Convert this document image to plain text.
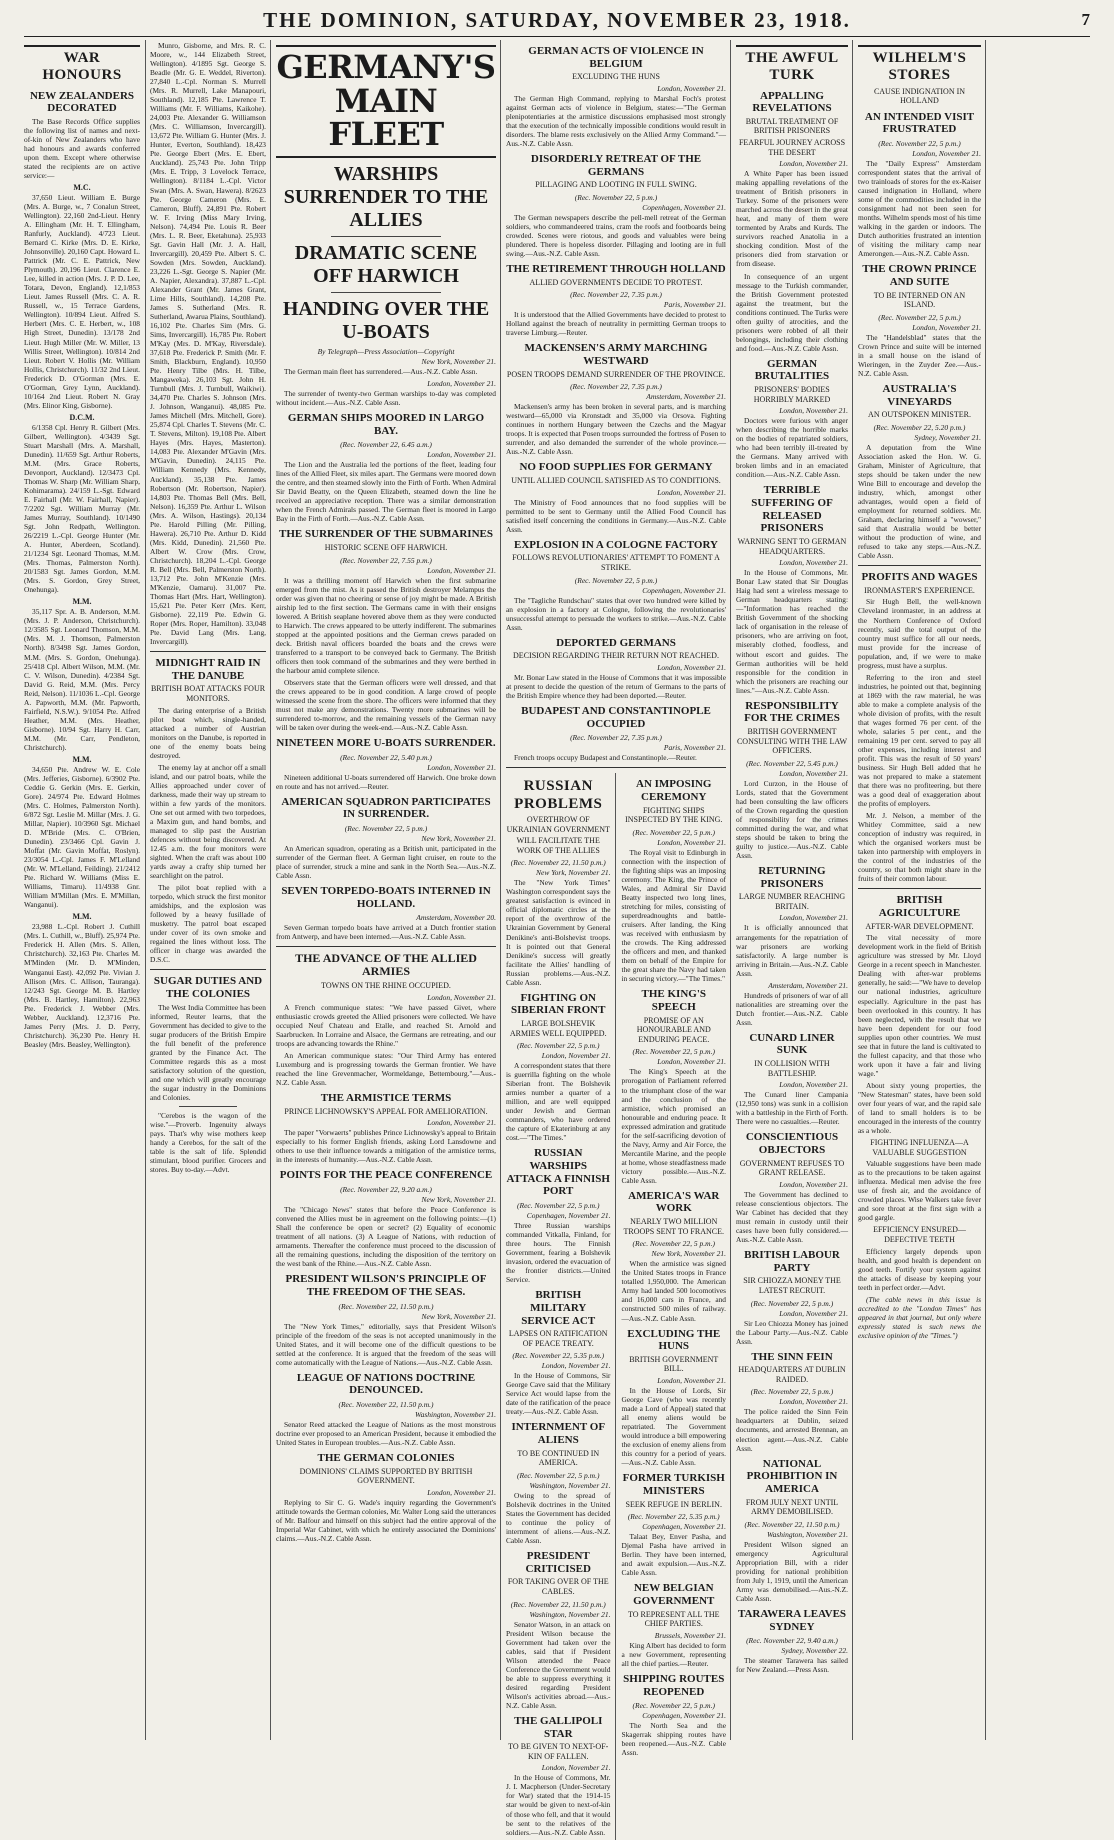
THE DOMINION, SATURDAY, NOVEMBER 23, 1918.	7
WAR HONOURS
NEW ZEALANDERS DECORATED
The Base Records Office supplies the following list of names and next-of-kin of New Zealanders who have had honours and awards conferred upon them. Except where otherwise stated the recipients are on active service:—
M.C.
37,650 Lieut. William E. Burge (Mrs. A. Burge, w., 7 Conalun Street, Wellington). 22,160 2nd-Lieut. Henry A. Ellingham (Mr. H. T. Ellingham, Ranfurly, Auckland). 4/723 Lieut. Bernard C. Kirke (Mrs. D. E. Kirke, Johnsonville). 20,160 Capt. Howard L. Pattrick (Mr. C. E. Pattrick, New Plymouth). 20,196 Lieut. Clarence E. Lee, killed in action (Mrs. J. P. D. Lee, Totara, Devon, England). 12,1/853 Lieut. James Russell (Mrs. C. A. R. Russell, w., 15 Terrace Gardens, Wellington). 10/894 Lieut. Alfred S. Herbert (Mrs. C. E. Herbert, w., 108 High Street, Dunedin). 13/178 2nd Lieut. Hugh Miller (Mr. W. Miller, 13 Willis Street, Wellington). 10/814 2nd Lieut. Robert V. Hollis (Mr. William Hollis, Christchurch). 11/32 2nd Lieut. Frederick D. O'Gorman (Mrs. E. O'Gorman, Grey Lynn, Auckland). 10/164 2nd Lieut. Robert N. Gray (Mrs. Elinor King, Gisborne).
D.C.M.
6/1358 Cpl. Henry R. Gilbert (Mrs. Gilbert, Wellington). 4/3439 Sgt. Stuart Marshall (Mrs. A. Marshall, Dunedin). 11/659 Sgt. Arthur Roberts, M.M. (Mrs. Grace Roberts, Devonport, Auckland). 12/3473 Cpl. Thomas W. Sharp (Mr. William Sharp, Kohimarama). 24/159 L.-Sgt. Edward E. Fairhall (Mr. W. Fairhall, Napier). 7/2202 Sgt. William Murray (Mr. James Murray, Southland). 10/1490 Sgt. John Redpath, Wellington. 26/2219 L.-Cpl. George Hunter (Mr. A. Hunter, Aberdeen, Scotland). 21/1234 Sgt. Leonard Thomas, M.M. (Mrs. Thomas, Palmerston North). 20/1583 Sgt. James Gordon, M.M. (Mrs. S. Gordon, Grey Street, Onehunga).
M.M.
35,117 Spr. A. B. Anderson, M.M. (Mrs. J. P. Anderson, Christchurch). 12/3585 Sgt. Leonard Thomson, M.M. (Mrs. M. J. Thomson, Palmerston North). 8/3498 Sgt. James Gordon, M.M. (Mrs. S. Gordon, Onehunga). 25/418 Cpl. Albert Wilson, M.M. (Mr. C. V. Wilson, Dunedin). 4/2384 Sgt. David G. Reid, M.M. (Mrs. Percy Reid, Nelson). 11/1036 L.-Cpl. George A. Papworth, M.M. (Mr. Papworth, Fairfield, N.S.W.). 9/1054 Pte. Alfred Heather, M.M. (Mrs. Heather, Gisborne). 10/94 Sgt. Harry H. Carr, M.M. (Mr. Carr, Pendleton, Christchurch).
M.M.
34,650 Pte. Andrew W. E. Cole (Mrs. Jefferies, Gisborne). 6/3902 Pte. Ceddie G. Gerkin (Mrs. E. Gerkin, Gore). 24/974 Pte. Edward Holmes (Mrs. C. Holmes, Palmerston North). 6/872 Sgt. Leslie M. Millar (Mrs. J. G. Millar, Napier). 10/3960 Sgt. Michael D. M'Bride (Mrs. C. O'Brien, Dunedin). 23/3466 Cpl. Gavin J. Moffat (Mr. Gavin Moffat, Roslyn). 23/3054 L.-Cpl. James F. M'Lelland (Mr. W. M'Lelland, Feilding). 21/2412 Pte. Richard W. Williams (Miss E. Williams, Timaru). 11/4938 Gnr. William M'Millan (Mrs. E. M'Millan, Wanganui).
M.M.
23,988 L.-Cpl. Robert J. Cuthill (Mrs. L. Cuthill, w., Bluff). 25,974 Pte. Frederick H. Allen (Mrs. S. Allen, Christchurch). 32,163 Pte. Charles M. M'Minden (Mr. D. M'Minden, Wanganui East). 42,092 Pte. Vivian J. Allison (Mrs. C. Allison, Tauranga). 12/243 Sgt. George M. B. Hartley (Mrs. B. Hartley, Hamilton). 22,963 Pte. Frederick J. Webber (Mrs. Webber, Auckland). 12,3716 Pte. James Perry (Mrs. J. D. Perry, Christchurch). 36,230 Pte. Henry H. Beasley (Mrs. Beasley, Wellington).
Munro, Gisborne, and Mrs. R. C. Moore, w., 144 Elizabeth Street, Wellington). 4/1895 Sgt. George S. Beadle (Mr. G. E. Weddel, Riverton). 27,840 L.-Cpl. Norman S. Murrell (Mrs. R. Murrell, Lake Manapouri, Southland). 12,185 Pte. Lawrence T. Williams (Mr. F. Williams, Kaikohe). 24,003 Pte. Alexander G. Williamson (Mrs. C. Williamson, Invercargill). 13,672 Pte. William G. Hunter (Mrs. J. Hunter, Everton, Southland). 18,423 Pte. George Ebert (Mrs. E. Ebert, Auckland). 25,743 Pte. John Tripp (Mrs. E. Tripp, 3 Lovelock Terrace, Wellington). 8/1184 L.-Cpl. Victor Swan (Mrs. A. Swan, Hawera). 8/2623 Pte. George Cameron (Mrs. E. Cameron, Bluff). 24,891 Pte. Robert W. F. Irving (Miss Mary Irving, Nelson). 74,494 Pte. Louis R. Beer (Mrs. L. R. Beer, Eketahuna). 25,933 Sgt. Gavin Hall (Mr. J. A. Hall, Invercargill). 20,459 Pte. Albert S. C. Sowden (Mrs. Sowden, Auckland). 23,226 L.-Sgt. George S. Napier (Mr. A. Napier, Alexandra). 37,887 L.-Cpl. Alexander Grant (Mr. James Grant, Lime Hills, Southland). 14,208 Pte. James S. Sutherland (Mrs. R. Sutherland, Awarua Plains, Southland). 16,102 Pte. Charles Sim (Mrs. G. Sims, Invercargill). 16,785 Pte. Robert M'Kay (Mrs. D. M'Kay, Riversdale). 37,618 Pte. Frederick P. Smith (Mr. F. Smith, Blackburn, England). 10,950 Pte. Henry Tilbe (Mrs. H. Tilbe, Mangaweka). 26,103 Sgt. John H. Turnbull (Mrs. J. Turnbull, Waikiwi). 34,470 Pte. Charles S. Johnson (Mrs. J. Johnson, Wanganui). 48,085 Pte. James Mitchell (Mrs. Mitchell, Gore). 25,874 Cpl. Charles T. Stevens (Mr. C. T. Stevens, Milton). 19,108 Pte. Albert Hayes (Mrs. Hayes, Masterton). 14,083 Pte. Alexander M'Gavin (Mrs. M'Gavin, Dunedin). 24,115 Pte. William Kennedy (Mrs. Kennedy, Auckland). 35,138 Pte. James Robertson (Mr. Robertson, Napier). 14,803 Pte. Thomas Bell (Mrs. Bell, Nelson). 16,359 Pte. Arthur L. Wilson (Mrs. A. Wilson, Hastings). 20,134 Pte. Harold Pilling (Mr. Pilling, Hawera). 26,710 Pte. Arthur D. Kidd (Mrs. Kidd, Dunedin). 21,560 Pte. Albert W. Crow (Mrs. Crow, Christchurch). 18,204 L.-Cpl. George R. Bell (Mrs. Bell, Palmerston North). 13,712 Pte. John M'Kenzie (Mrs. M'Kenzie, Oamaru). 31,007 Pte. Thomas Hart (Mrs. Hart, Wellington). 15,621 Pte. Peter Kerr (Mrs. Kerr, Gisborne). 22,119 Pte. Edwin G. Roper (Mrs. Roper, Hamilton). 33,048 Pte. David Lang (Mrs. Lang, Invercargill).
MIDNIGHT RAID IN THE DANUBE
BRITISH BOAT ATTACKS FOUR MONITORS.
The daring enterprise of a British pilot boat which, single-handed, attacked a number of Austrian monitors on the Danube, is reported in one of the enemy boats being destroyed.
The enemy lay at anchor off a small island, and our patrol boats, while the Allies approached under cover of darkness, made their way up stream to within a few yards of the monitors. One set out armed with two torpedoes, a Maxim gun, and hand bombs, and managed to slip past the Austrian defences without being discovered. At 12.45 a.m. the four monitors were sighted. When the craft was about 100 yards away a crafty ship turned her searchlight on the patrol.
The pilot boat replied with a torpedo, which struck the first monitor amidships, and the explosion was followed by a heavy fusillade of musketry. The patrol boat escaped under cover of its own smoke and regained the lines without loss. The officer in charge was awarded the D.S.C.
SUGAR DUTIES AND THE COLONIES
The West India Committee has been informed, Reuter learns, that the Government has decided to give to the sugar producers of the British Empire the full benefit of the preference granted by the Finance Act. The Committee regards this as a most satisfactory solution of the question, and one which will greatly encourage the sugar industry in the Dominions and Colonies.
"Cerebos is the wagon of the wise."—Proverb. Ingenuity always pays. That's why wise mothers keep handy a Cerebos, for the salt of the table is the salt of life. Splendid stimulant, blood purifier. Grocers and stores. Buy to-day.—Advt.
GERMANY'S MAIN FLEET
WARSHIPS SURRENDER TO THE ALLIES
DRAMATIC SCENE OFF HARWICH
HANDING OVER THE U-BOATS
By Telegraph—Press Association—Copyright
New York, November 21.
The German main fleet has surrendered.—Aus.-N.Z. Cable Assn.
London, November 21.
The surrender of twenty-two German warships to-day was completed without incident.—Aus.-N.Z. Cable Assn.
GERMAN SHIPS MOORED IN LARGO BAY.
(Rec. November 22, 6.45 a.m.)
London, November 21.
The Lion and the Australia led the portions of the fleet, leading four lines of the Allied Fleet, six miles apart. The Germans were moored down the centre, and then steamed slowly into the Firth of Forth. When Admiral Sir David Beatty, on the Queen Elizabeth, steamed down the line he received an appreciative reception. There was a similar demonstration when the French Admirals passed. The German fleet is moored in Largo Bay in the Firth of Forth.—Aus.-N.Z. Cable Assn.
THE SURRENDER OF THE SUBMARINES
HISTORIC SCENE OFF HARWICH.
(Rec. November 22, 7.55 p.m.)
London, November 21.
It was a thrilling moment off Harwich when the first submarine emerged from the mist. As it passed the British destroyer Melampus the order was given that no cheering or sense of joy might be made. A British airship led to the first section. The Germans came in with their ensigns lowered. A British seaplane hovered above them as they were conducted to Harwich. The crews appeared to be utterly indifferent. The submarines stopped at the appointed positions and the German crews paraded on deck. British naval officers boarded the boats and the crews were transferred to a transport to be conveyed back to Germany. The British officers then took command of the submarines and they were berthed in the harbour amid complete silence.
Observers state that the German officers were well dressed, and that the crews appeared to be in good condition. A large crowd of people witnessed the scene from the shore. The officers were informed that they must not make any demonstrations. Twenty more submarines will be surrendered to-morrow, and the remaining vessels of the German navy will be taken over during the week-end.—Aus.-N.Z. Cable Assn.
NINETEEN MORE U-BOATS SURRENDER.
(Rec. November 22, 5.40 p.m.)
London, November 21.
Nineteen additional U-boats surrendered off Harwich. One broke down en route and has not arrived.—Reuter.
AMERICAN SQUADRON PARTICIPATES IN SURRENDER.
(Rec. November 22, 5 p.m.)
New York, November 21.
An American squadron, operating as a British unit, participated in the surrender of the German fleet. A German light cruiser, en route to the place of surrender, struck a mine and sank in the North Sea.—Aus.-N.Z. Cable Assn.
SEVEN TORPEDO-BOATS INTERNED IN HOLLAND.
Amsterdam, November 20.
Seven German torpedo boats have arrived at a Dutch frontier station from Antwerp, and have been interned.—Aus.-N.Z. Cable Assn.
THE ADVANCE OF THE ALLIED ARMIES
TOWNS ON THE RHINE OCCUPIED.
London, November 21.
A French communique states: "We have passed Givet, where enthusiastic crowds greeted the Allied prisoners were collected. We have occupied Neuf Chateau and Etalle, and reached St. Arnold and Saarbrucken. In Lorraine and Alsace, the Germans are retreating, and our troops are advancing towards the Rhine."
An American communique states: "Our Third Army has entered Luxemburg and is progressing towards the German frontier. We have reached the line Grevenmacher, Wormeldange, Bettembourg."—Aus.-N.Z. Cable Assn.
THE ARMISTICE TERMS
PRINCE LICHNOWSKY'S APPEAL FOR AMELIORATION.
London, November 21.
The paper "Vorwaerts" publishes Prince Lichnowsky's appeal to Britain especially to his former English friends, asking Lord Lansdowne and others to use their influence towards a mitigation of the armistice terms, in the interests of humanity.—Aus.-N.Z. Cable Assn.
POINTS FOR THE PEACE CONFERENCE
(Rec. November 22, 9.20 a.m.)
New York, November 21.
The "Chicago News" states that before the Peace Conference is convened the Allies must be in agreement on the following points:—(1) Shall the conference be open or secret? (2) Equality of economic treatment of all nations. (3) A League of Nations, with reduction of armaments. Thereafter the conference must proceed to the discussion of all the remaining questions, including the disposition of the territory on the west bank of the Rhine.—Aus.-N.Z. Cable Assn.
PRESIDENT WILSON'S PRINCIPLE OF THE FREEDOM OF THE SEAS.
(Rec. November 22, 11.50 p.m.)
New York, November 21.
The "New York Times," editorially, says that President Wilson's principle of the freedom of the seas is not accepted unanimously in the United States, and it will become one of the difficult questions to be settled at the conference. It is argued that the freedom of the seas will come automatically with the League of Nations.—Aus.-N.Z. Cable Assn.
LEAGUE OF NATIONS DOCTRINE DENOUNCED.
(Rec. November 22, 11.50 p.m.)
Washington, November 21.
Senator Reed attacked the League of Nations as the most monstrous doctrine ever proposed to an American President, because it embodied the United States in European troubles.—Aus.-N.Z. Cable Assn.
THE GERMAN COLONIES
DOMINIONS' CLAIMS SUPPORTED BY BRITISH GOVERNMENT.
London, November 21.
Replying to Sir C. G. Wade's inquiry regarding the Government's attitude towards the German colonies, Mr. Walter Long said the utterances of Mr. Balfour and himself on this subject had the entire approval of the Imperial War Cabinet, with which he entirely associated the Dominions' claims.—Aus.-N.Z. Cable Assn.
GERMAN ACTS OF VIOLENCE IN BELGIUM
EXCLUDING THE HUNS
London, November 21.
The German High Command, replying to Marshal Foch's protest against German acts of violence in Belgium, states:—"The German plenipotentiaries at the armistice discussions emphasised most strongly that the execution of the technically impossible conditions would result in disorders. The blame rests exclusively on the Allied Army Command."—Aus.-N.Z. Cable Assn.
DISORDERLY RETREAT OF THE GERMANS
PILLAGING AND LOOTING IN FULL SWING.
(Rec. November 22, 5 p.m.)
Copenhagen, November 21.
The German newspapers describe the pell-mell retreat of the German soldiers, who commandeered trains, cram the roofs and footboards being crowded. Scenes were riotous, and goods and valuables were being plundered. There is hopeless disorder. Pillaging and looting are in full swing.—Aus.-N.Z. Cable Assn.
THE RETIREMENT THROUGH HOLLAND
ALLIED GOVERNMENTS DECIDE TO PROTEST.
(Rec. November 22, 7.35 p.m.)
Paris, November 21.
It is understood that the Allied Governments have decided to protest to Holland against the breach of neutrality in permitting German troops to traverse Limburg.—Reuter.
MACKENSEN'S ARMY MARCHING WESTWARD
POSEN TROOPS DEMAND SURRENDER OF THE PROVINCE.
(Rec. November 22, 7.35 p.m.)
Amsterdam, November 21.
Mackensen's army has been broken in several parts, and is marching westward—65,000 via Kronstadt and 35,000 via Orsova. Fighting continues in northern Hungary between the Czechs and the Magyar troops. It is expected that Posen troops surrounded the fortress of Posen to surrender, and also demanded the surrender of the whole province.—Aus.-N.Z. Cable Assn.
NO FOOD SUPPLIES FOR GERMANY
UNTIL ALLIED COUNCIL SATISFIED AS TO CONDITIONS.
London, November 21.
The Ministry of Food announces that no food supplies will be permitted to be sent to Germany until the Allied Food Council has satisfied itself concerning the conditions in Germany.—Aus.-N.Z. Cable Assn.
EXPLOSION IN A COLOGNE FACTORY
FOLLOWS REVOLUTIONARIES' ATTEMPT TO FOMENT A STRIKE.
(Rec. November 22, 5 p.m.)
Copenhagen, November 21.
The "Tagliche Rundschau" states that over two hundred were killed by an explosion in a factory at Cologne, following the revolutionaries' unsuccessful attempt to persuade the workers to strike.—Aus.-N.Z. Cable Assn.
DEPORTED GERMANS
DECISION REGARDING THEIR RETURN NOT REACHED.
London, November 21.
Mr. Bonar Law stated in the House of Commons that it was impossible at present to decide the question of the return of Germans to the parts of the British Empire whence they had been deported.—Reuter.
BUDAPEST AND CONSTANTINOPLE OCCUPIED
(Rec. November 22, 7.35 p.m.)
Paris, November 21.
French troops occupy Budapest and Constantinople.—Reuter.
RUSSIAN PROBLEMS
OVERTHROW OF UKRAINIAN GOVERNMENT
WILL FACILITATE THE WORK OF THE ALLIES
(Rec. November 22, 11.50 p.m.)
New York, November 21.
The "New York Times" Washington correspondent says the greatest satisfaction is evinced in official diplomatic circles at the report of the overthrow of the Ukrainian Government by General Denikine's anti-Bolshevist troops. It is pointed out that General Denikine's success will greatly facilitate the Allies' handling of Russian problems.—Aus.-N.Z. Cable Assn.
FIGHTING ON SIBERIAN FRONT
LARGE BOLSHEVIK ARMIES WELL EQUIPPED.
(Rec. November 22, 5 p.m.)
London, November 21.
A correspondent states that there is guerrilla fighting on the whole Siberian front. The Bolshevik armies number a quarter of a million, and are well equipped under Jewish and German commanders, who have ordered the capture of Ekaterinburg at any cost.—"The Times."
RUSSIAN WARSHIPS ATTACK A FINNISH PORT
(Rec. November 22, 5 p.m.)
Copenhagen, November 21.
Three Russian warships commanded Vitkalla, Finland, for three hours. The Finnish Government, fearing a Bolshevik invasion, ordered the evacuation of the frontier districts.—United Service.
BRITISH MILITARY SERVICE ACT
LAPSES ON RATIFICATION OF PEACE TREATY.
(Rec. November 22, 5.35 p.m.)
London, November 21.
In the House of Commons, Sir George Cave said that the Military Service Act would lapse from the date of the ratification of the peace treaty.—Aus.-N.Z. Cable Assn.
INTERNMENT OF ALIENS
TO BE CONTINUED IN AMERICA.
(Rec. November 22, 5 p.m.)
Washington, November 21.
Owing to the spread of Bolshevik doctrines in the United States the Government has decided to continue the policy of internment of aliens.—Aus.-N.Z. Cable Assn.
PRESIDENT CRITICISED
FOR TAKING OVER OF THE CABLES.
(Rec. November 22, 11.50 p.m.)
Washington, November 21.
Senator Watson, in an attack on President Wilson because the Government had taken over the cables, said that if President Wilson attended the Peace Conference the Government would be able to suppress everything it desired regarding President Wilson's activities abroad.—Aus.-N.Z. Cable Assn.
THE GALLIPOLI STAR
TO BE GIVEN TO NEXT-OF-KIN OF FALLEN.
London, November 21.
In the House of Commons, Mr. J. I. Macpherson (Under-Secretary for War) stated that the 1914-15 star would be given to next-of-kin of those who fell, and that it would be sent to the relatives of the soldiers.—Aus.-N.Z. Cable Assn.
AN IMPOSING CEREMONY
FIGHTING SHIPS INSPECTED BY THE KING.
(Rec. November 22, 5 p.m.)
London, November 21.
The Royal visit to Edinburgh in connection with the inspection of the fighting ships was an imposing ceremony. The King, the Prince of Wales, and Admiral Sir David Beatty inspected two long lines, stretching for miles, consisting of superdreadnoughts and battle-cruisers. After landing, the King was received with enthusiasm by the crowds. The King addressed the officers and men, and thanked them on behalf of the Empire for the great share the Navy had taken in securing victory.—"The Times."
THE KING'S SPEECH
PROMISE OF AN HONOURABLE AND ENDURING PEACE.
(Rec. November 22, 5 p.m.)
London, November 21.
The King's Speech at the prorogation of Parliament referred to the triumphant close of the war and the conclusion of the armistice, which promised an honourable and enduring peace. It expressed admiration and gratitude for the self-sacrificing devotion of the Navy, Army and Air Force, the Mercantile Marine, and the people at home, whose steadfastness made victory possible.—Aus.-N.Z. Cable Assn.
AMERICA'S WAR WORK
NEARLY TWO MILLION TROOPS SENT TO FRANCE.
(Rec. November 22, 5 p.m.)
New York, November 21.
When the armistice was signed the United States troops in France totalled 1,950,000. The American Army had landed 500 locomotives and 16,000 cars in France, and constructed 500 miles of railway.—Aus.-N.Z. Cable Assn.
EXCLUDING THE HUNS
BRITISH GOVERNMENT BILL.
London, November 21.
In the House of Lords, Sir George Cave (who was recently made a Lord of Appeal) stated that all enemy aliens would be repatriated. The Government would introduce a bill empowering the exclusion of enemy aliens from this country for a period of years.—Aus.-N.Z. Cable Assn.
FORMER TURKISH MINISTERS
SEEK REFUGE IN BERLIN.
(Rec. November 22, 5.35 p.m.)
Copenhagen, November 21.
Talaat Bey, Enver Pasha, and Djemal Pasha have arrived in Berlin. They have been interned, and await expulsion.—Aus.-N.Z. Cable Assn.
NEW BELGIAN GOVERNMENT
TO REPRESENT ALL THE CHIEF PARTIES.
Brussels, November 21.
King Albert has decided to form a new Government, representing all the chief parties.—Reuter.
SHIPPING ROUTES REOPENED
(Rec. November 22, 5 p.m.)
Copenhagen, November 21.
The North Sea and the Skagerrak shipping routes have been reopened.—Aus.-N.Z. Cable Assn.
THE AWFUL TURK
APPALLING REVELATIONS
BRUTAL TREATMENT OF BRITISH PRISONERS
FEARFUL JOURNEY ACROSS THE DESERT
London, November 21.
A White Paper has been issued making appalling revelations of the treatment of British prisoners in Turkey. Some of the prisoners were marched across the desert in the great heat, and many of them were tormented by Arabs and Kurds. The survivors reached Anatolia in a shocking condition. Most of the prisoners died from starvation or from disease.
In consequence of an urgent message to the Turkish commander, the British Government protested against the treatment, but the conditions continued. The Turks were often guilty of atrocities, and the prisoners were robbed of all their belongings, including their clothing and food.—Aus.-N.Z. Cable Assn.
GERMAN BRUTALITIES
PRISONERS' BODIES HORRIBLY MARKED
London, November 21.
Doctors were furious with anger when describing the horrible marks on the bodies of repatriated soldiers, who had been terribly ill-treated by the Germans. Many arrived with broken limbs and in an emaciated condition.—Aus.-N.Z. Cable Assn.
TERRIBLE SUFFERING OF RELEASED PRISONERS
WARNING SENT TO GERMAN HEADQUARTERS.
London, November 21.
In the House of Commons, Mr. Bonar Law stated that Sir Douglas Haig had sent a wireless message to German headquarters stating:—"Information has reached the British Government of the shocking lack of organisation in the release of prisoners, who are arriving on foot, miserably clothed, foodless, and without escort and guides. The German authorities will be held responsible for the condition in which the prisoners are reaching our lines."—Aus.-N.Z. Cable Assn.
RESPONSIBILITY FOR THE CRIMES
BRITISH GOVERNMENT CONSULTING WITH THE LAW OFFICERS.
(Rec. November 22, 5.45 p.m.)
London, November 21.
Lord Curzon, in the House of Lords, stated that the Government had been consulting the law officers of the Crown regarding the question of responsibility for the crimes committed during the war, and what steps should be taken to bring the guilty to justice.—Aus.-N.Z. Cable Assn.
RETURNING PRISONERS
LARGE NUMBER REACHING BRITAIN.
London, November 21.
It is officially announced that arrangements for the repatriation of war prisoners are working satisfactorily. A large number is arriving in Britain.—Aus.-N.Z. Cable Assn.
Amsterdam, November 21.
Hundreds of prisoners of war of all nationalities are streaming over the Dutch frontier.—Aus.-N.Z. Cable Assn.
CUNARD LINER SUNK
IN COLLISION WITH BATTLESHIP.
London, November 21.
The Cunard liner Campania (12,950 tons) was sunk in a collision with a battleship in the Firth of Forth. There were no casualties.—Reuter.
CONSCIENTIOUS OBJECTORS
GOVERNMENT REFUSES TO GRANT RELEASE.
London, November 21.
The Government has declined to release conscientious objectors. The War Cabinet has decided that they must remain in custody until their cases have been fully considered.—Aus.-N.Z. Cable Assn.
BRITISH LABOUR PARTY
SIR CHIOZZA MONEY THE LATEST RECRUIT.
(Rec. November 22, 5 p.m.)
London, November 21.
Sir Leo Chiozza Money has joined the Labour Party.—Aus.-N.Z. Cable Assn.
THE SINN FEIN
HEADQUARTERS AT DUBLIN RAIDED.
(Rec. November 22, 5 p.m.)
London, November 21.
The police raided the Sinn Fein headquarters at Dublin, seized documents, and arrested Brennan, an election agent.—Aus.-N.Z. Cable Assn.
NATIONAL PROHIBITION IN AMERICA
FROM JULY NEXT UNTIL ARMY DEMOBILISED.
(Rec. November 22, 11.50 p.m.)
Washington, November 21.
President Wilson signed an emergency Agricultural Appropriation Bill, with a rider providing for national prohibition from July 1, 1919, until the American Army was demobilised.—Aus.-N.Z. Cable Assn.
TARAWERA LEAVES SYDNEY
(Rec. November 22, 9.40 a.m.)
Sydney, November 22.
The steamer Tarawera has sailed for New Zealand.—Press Assn.
WILHELM'S STORES
CAUSE INDIGNATION IN HOLLAND
AN INTENDED VISIT FRUSTRATED
(Rec. November 22, 5 p.m.)
London, November 21.
The "Daily Express" Amsterdam correspondent states that the arrival of two trainloads of stores for the ex-Kaiser caused indignation in Holland, where some of the commodities included in the consignment had not been seen for months. Wilhelm spends most of his time walking in the garden or indoors. The Dutch authorities frustrated an intention of visiting the military camp near Amerongen.—Aus.-N.Z. Cable Assn.
THE CROWN PRINCE AND SUITE
TO BE INTERNED ON AN ISLAND.
(Rec. November 22, 5 p.m.)
London, November 21.
The "Handelsblad" states that the Crown Prince and suite will be interned in a small house on the island of Wieringen, in the Zuyder Zee.—Aus.-N.Z. Cable Assn.
AUSTRALIA'S VINEYARDS
AN OUTSPOKEN MINISTER.
(Rec. November 22, 5.20 p.m.)
Sydney, November 21.
A deputation from the Wine Association asked the Hon. W. G. Graham, Minister of Agriculture, that steps should be taken under the new Wine Bill to encourage and develop the industry, which, amongst other advantages, would open a field of employment for returned soldiers. Mr. Graham, declaring himself a "wowser," said that Australia would be better without the production of wine, and refused to take any steps.—Aus.-N.Z. Cable Assn.
PROFITS AND WAGES
IRONMASTER'S EXPERIENCE.
Sir Hugh Bell, the well-known Cleveland ironmaster, in an address at the Northern Conference of Oxford recently, said the total output of the country must suffice for all our needs, must provide for the increase of population, and, if we were to make progress, must have a surplus.
Referring to the iron and steel industries, he pointed out that, beginning at 1869 with the raw material, he was able to make a complete analysis of the whole division of profits, with the result that wages formed 76 per cent. of the whole, salaries 5 per cent., and the remaining 19 per cent. served to pay all other expenses, including interest and profit. This was the result of 50 years' business. Sir Hugh Bell added that he was not prepared to make a statement that there was no profiteering, but there was a good deal of exaggeration about the profits of employers.
Mr. J. Nelson, a member of the Whitley Committee, said a new conception of industry was required, in which the organised workers must be taken into partnership with employers in the control of the industries of the country, so that both might share in the fruits of their common labour.
BRITISH AGRICULTURE
AFTER-WAR DEVELOPMENT.
The vital necessity of more development work in the field of British agriculture was stressed by Mr. Lloyd George in a recent speech in Manchester. Dealing with after-war problems generally, he said:—"We have to develop our national industries, agriculture especially. Agriculture in the past has been overlooked in this country. It has been neglected, with the result that we have been dependent for our food supplies upon other countries. We must see that in future the land is cultivated to the fullest capacity, and that those who work upon it have a fair and living wage."
About sixty young properties, the "New Statesman" states, have been sold over four years of war, and the rapid sale of land to small holders is to be encouraged in the interests of the country as a whole.
FIGHTING INFLUENZA—A VALUABLE SUGGESTION
Valuable suggestions have been made as to the precautions to be taken against influenza. Medical men advise the free use of fresh air, and the avoidance of crowded places. Wise Walkers take fever and sore throat at the first sign with a good gargle.
EFFICIENCY ENSURED—DEFECTIVE TEETH
Efficiency largely depends upon health, and good health is dependent on good teeth. Fortify your system against the attacks of disease by keeping your teeth in perfect order.—Advt.
(The cable news in this issue is accredited to the "London Times" has appeared in that journal, but only where expressly stated is such news the exclusive opinion of the "Times.")
